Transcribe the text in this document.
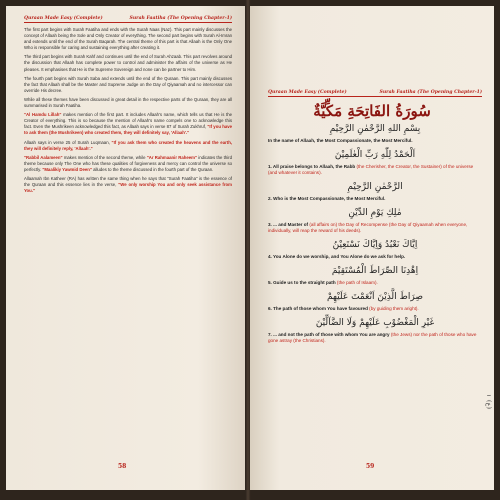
Quraan Made Easy (Complete)	Surah Faatiha (The Opening Chapter-1)

The first part begins with Surah Faatiha and ends with the Surah Naas (Naz). This part mainly discusses the concept of Allaah being the Sole and Only Creator of everything. The second part begins with Surah Al-Imran and extends until the end of the Surah Baqarah. The central theme of this part is that Allaah is the Only One Who is responsible for caring and sustaining everything after creating it.

The third part begins with Surah Kahf and continues until the end of Surah Ahzaab. This part revolves around the discussion that Allaah has complete power to control and administer the affairs of the universe as He pleases. It emphasises that He is the Supreme Sovereign and none can be partner to Him.

The fourth part begins with Surah Saba and extends until the end of the Quraan. This part mainly discusses the fact that Allaah shall be the Master and Supreme Judge on the Day of Qiyaamah and no intercessor can override His decree.

While all these themes have been discussed in great detail in the respective parts of the Quraan, they are all summarised in Surah Faatiha.

"Al Hamdu Lillah" makes mention of the first part. It includes Allaah's name, which tells us that He is the Creator of everything. This is so because the mention of Allaah's name compels one to acknowledge this fact. Even the Mushrikeen acknowledged this fact, as Allaah says in verse 87 of Surah Zukhruf, "If you have to ask them (the Mushrikeen) who created them, they will definitely say, 'Allaah'."

Allaah says in verse 25 of Surah Luqmaan, "If you ask them who created the heavens and the earth, they will definitely reply, 'Allaah'."

"Rabbil Aalameen" makes mention of the second theme, while "Ar Rahmaanir Raheem" indicates the third theme because only The One who has these qualities of forgiveness and mercy can control the universe so perfectly. "Maalikiy Yawmid Deen" alludes to the theme discussed in the fourth part of the Quraan.

Allaamah Ibn Katheer (RA) has written the same thing when he says that "Surah Faatiha" is the essence of the Quraan and this essence lies in the verse, "We only worship You and only seek assistance from You."

58
Quraan Made Easy (Complete)	Surah Faatiha (The Opening Chapter-1)
سُورَةُ الفَاتِحَةِ مَكِّيَّةٌ
بِسْمِ اللهِ الرَّحْمٰنِ الرَّحِيْمِ
In the name of Allaah, the Most Compassionate, the Most Merciful.
اَلْحَمْدُ لِلّٰهِ رَبِّ الْعٰلَمِيْنَ
1. All praise belongs to Allaah, the Rabb (the Cherisher, the Creator, the Sustainer) of the universe (and whatever it contains).
الرَّحْمٰنِ الرَّحِيْمِ
2. Who is the Most Compassionate, the Most Merciful.
مٰلِكِ يَوْمِ الدِّيْنِ
3. ... and Master of (all affairs on) the Day of Recompense (the Day of Qiyaamah when everyone, individually, will reap the reward of his deeds).
اِيَّاكَ نَعْبُدُ وَاِيَّاكَ نَسْتَعِيْنُ
4. You Alone do we worship, and You Alone do we ask for help.
اِهْدِنَا الصِّرَاطَ الْمُسْتَقِيْمَ
5. Guide us to the straight path (the path of Islaam).
صِرَاطَ الَّذِيْنَ اَنْعَمْتَ عَلَيْهِمْ
6. The path of those whom You have favoured (by guiding them aright).
غَيْرِ الْمَغْضُوْبِ عَلَيْهِمْ وَلَا الضَّآلِّيْنَ
7. ... and not the path of those with whom You are angry (the Jews) nor the path of those who have gone astray (the Christians).
۱ ﴾ع﴿
59
